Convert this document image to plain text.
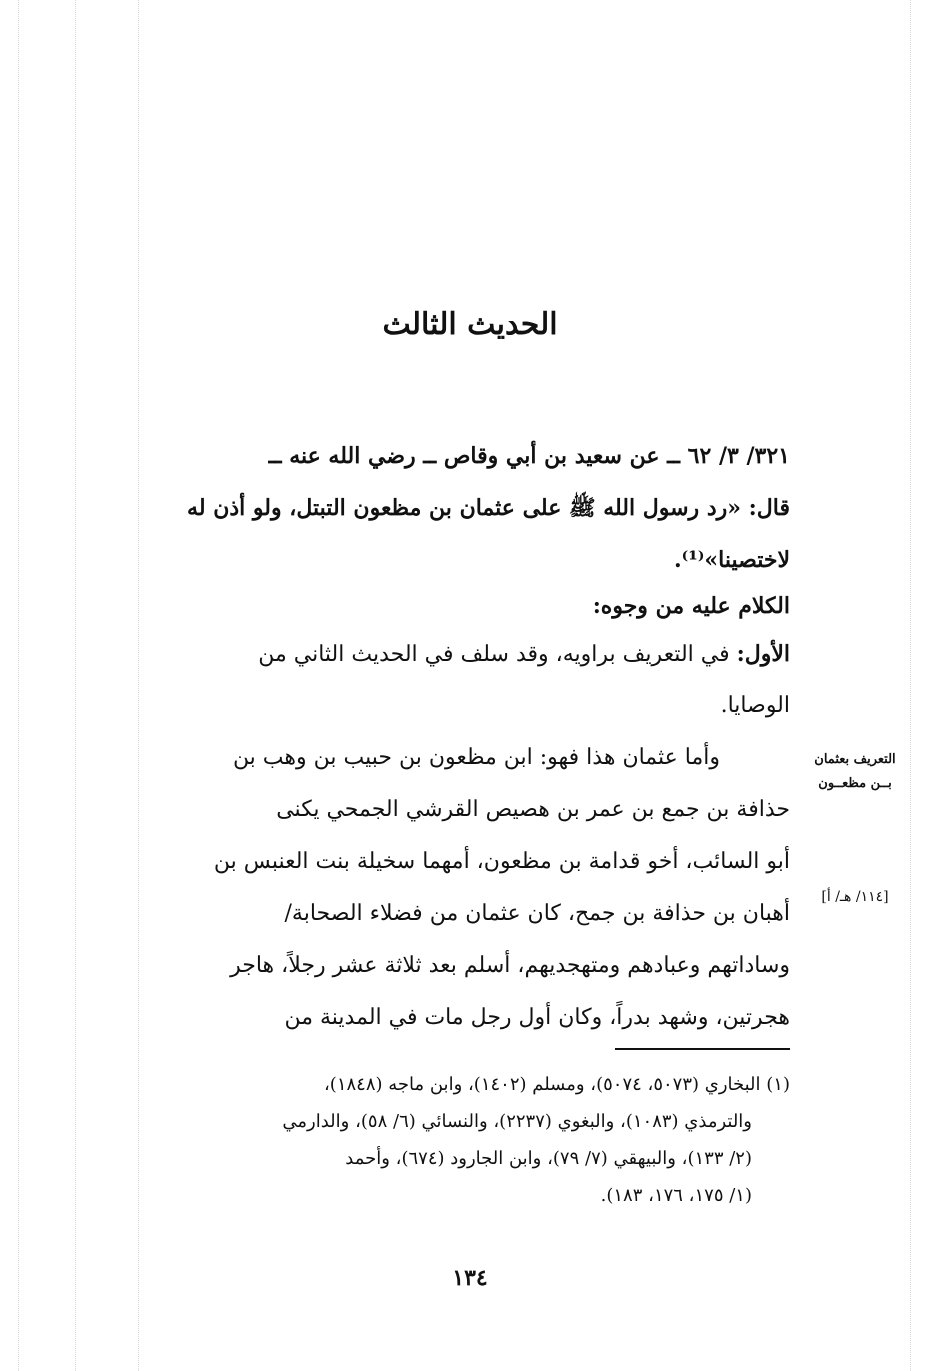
الحديث الثالث
٣٢١/ ٣/ ٦٢ ــ عن سعيد بن أبي وقاص ــ رضي الله عنه ــ
قال: «رد رسول الله ﷺ على عثمان بن مظعون التبتل، ولو أذن له
لاختصينا»⁽¹⁾.
الكلام عليه من وجوه:
الأول: في التعريف براويه، وقد سلف في الحديث الثاني من
الوصايا.
وأما عثمان هذا فهو: ابن مظعون بن حبيب بن وهب بن
حذافة بن جمع بن عمر بن هصيص القرشي الجمحي يكنى
أبو السائب، أخو قدامة بن مظعون، أمهما سخيلة بنت العنبس بن
أهبان بن حذافة بن جمح، كان عثمان من فضلاء الصحابة/
وساداتهم وعبادهم ومتهجديهم، أسلم بعد ثلاثة عشر رجلاً، هاجر
هجرتين، وشهد بدراً، وكان أول رجل مات في المدينة من
التعريف بعثمان
بــن مظعــون
[١١٤/ هـ/ أ]
(١) البخاري (٥٠٧٣، ٥٠٧٤)، ومسلم (١٤٠٢)، وابن ماجه (١٨٤٨)،
والترمذي (١٠٨٣)، والبغوي (٢٢٣٧)، والنسائي (٦/ ٥٨)، والدارمي
(٢/ ١٣٣)، والبيهقي (٧/ ٧٩)، وابن الجارود (٦٧٤)، وأحمد
(١/ ١٧٥، ١٧٦، ١٨٣).
١٣٤
